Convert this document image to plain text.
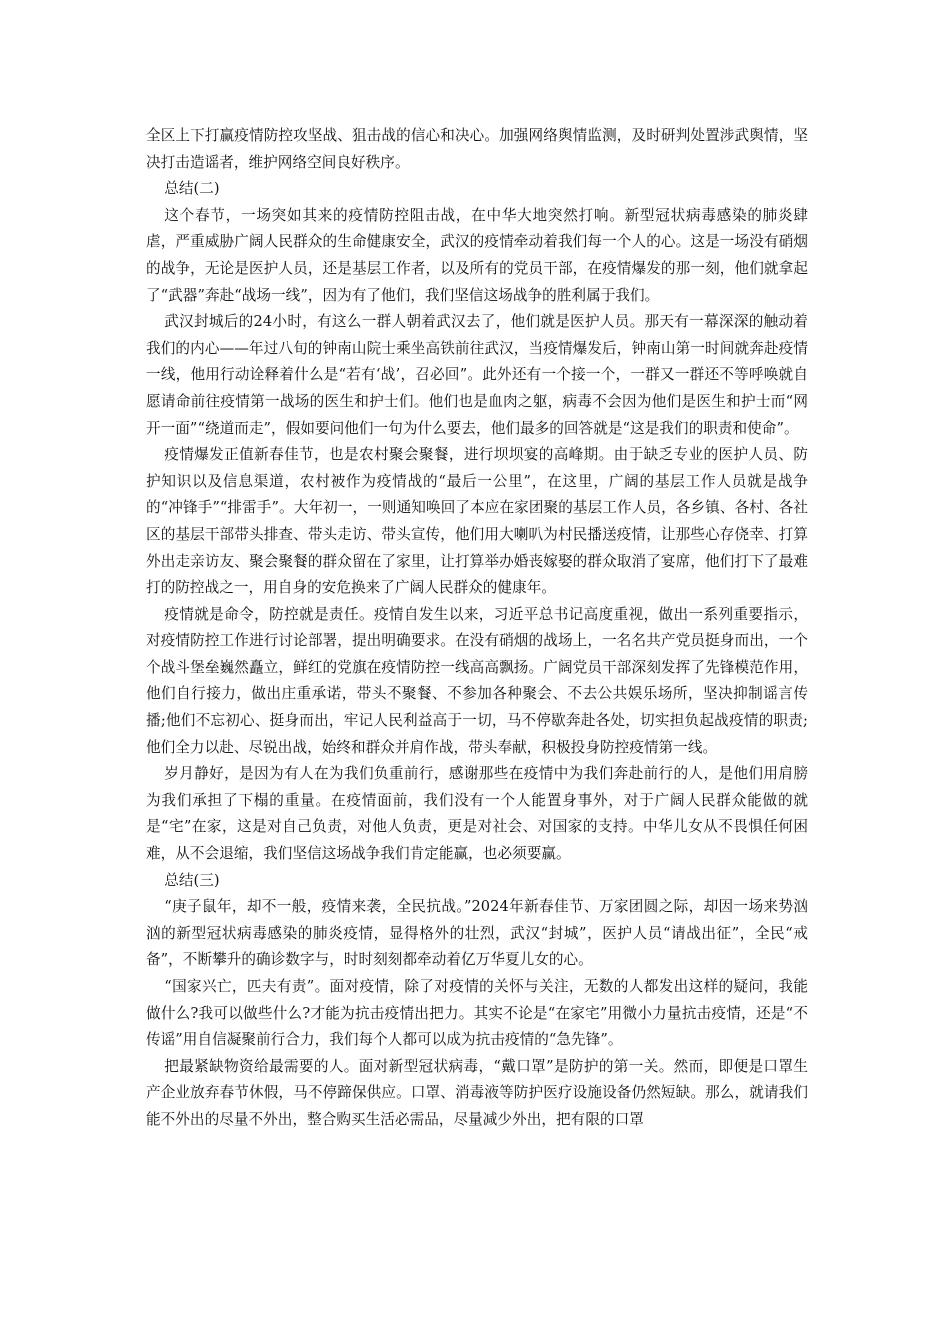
全区上下打赢疫情防控攻坚战、狙击战的信心和决心。加强网络舆情监测，及时研判处置涉武舆情，坚决打击造谣者，维护网络空间良好秩序。

总结(二)

这个春节，一场突如其来的疫情防控阻击战，在中华大地突然打响。新型冠状病毒感染的肺炎肆虐，严重威胁广阔人民群众的生命健康安全，武汉的疫情牵动着我们每一个人的心。这是一场没有硝烟的战争，无论是医护人员，还是基层工作者，以及所有的党员干部，在疫情爆发的那一刻，他们就拿起了“武器”奔赴“战场一线”，因为有了他们，我们坚信这场战争的胜利属于我们。

武汉封城后的24小时，有这么一群人朝着武汉去了，他们就是医护人员。那天有一幕深深的触动着我们的内心——年过八旬的钟南山院士乘坐高铁前往武汉，当疫情爆发后，钟南山第一时间就奔赴疫情一线，他用行动诠释着什么是“若有‘战’，召必回”。此外还有一个接一个，一群又一群还不等呼唤就自愿请命前往疫情第一战场的医生和护士们。他们也是血肉之躯，病毒不会因为他们是医生和护士而“网开一面”“绕道而走”，假如要问他们一句为什么要去，他们最多的回答就是“这是我们的职责和使命”。

疫情爆发正值新春佳节，也是农村聚会聚餐，进行坝坝宴的高峰期。由于缺乏专业的医护人员、防护知识以及信息渠道，农村被作为疫情战的“最后一公里”，在这里，广阔的基层工作人员就是战争的“冲锋手”“排雷手”。大年初一，一则通知唤回了本应在家团聚的基层工作人员，各乡镇、各村、各社区的基层干部带头排查、带头走访、带头宣传，他们用大喇叭为村民播送疫情，让那些心存侥幸、打算外出走亲访友、聚会聚餐的群众留在了家里，让打算举办婚丧嫁娶的群众取消了宴席，他们打下了最难打的防控战之一，用自身的安危换来了广阔人民群众的健康年。

疫情就是命令，防控就是责任。疫情自发生以来，习近平总书记高度重视，做出一系列重要指示，对疫情防控工作进行讨论部署，提出明确要求。在没有硝烟的战场上，一名名共产党员挺身而出，一个个战斗堡垒巍然矗立，鲜红的党旗在疫情防控一线高高飘扬。广阔党员干部深刻发挥了先锋模范作用，他们自行接力，做出庄重承诺，带头不聚餐、不参加各种聚会、不去公共娱乐场所，坚决抑制谣言传播;他们不忘初心、挺身而出，牢记人民利益高于一切，马不停歇奔赴各处，切实担负起战疫情的职责;他们全力以赴、尽锐出战，始终和群众并肩作战，带头奉献，积极投身防控疫情第一线。

岁月静好，是因为有人在为我们负重前行，感谢那些在疫情中为我们奔赴前行的人，是他们用肩膀为我们承担了下榻的重量。在疫情面前，我们没有一个人能置身事外，对于广阔人民群众能做的就是“宅”在家，这是对自己负责，对他人负责，更是对社会、对国家的支持。中华儿女从不畏惧任何困难，从不会退缩，我们坚信这场战争我们肯定能赢，也必须要赢。

总结(三)

“庚子鼠年，却不一般，疫情来袭，全民抗战。”2024年新春佳节、万家团圆之际，却因一场来势汹汹的新型冠状病毒感染的肺炎疫情，显得格外的壮烈，武汉“封城”，医护人员“请战出征”，全民“戒备”，不断攀升的确诊数字与，时时刻刻都牵动着亿万华夏儿女的心。

“国家兴亡，匹夫有责”。面对疫情，除了对疫情的关怀与关注，无数的人都发出这样的疑问，我能做什么?我可以做些什么?才能为抗击疫情出把力。其实不论是“在家宅”用微小力量抗击疫情，还是“不传谣”用自信凝聚前行合力，我们每个人都可以成为抗击疫情的“急先锋”。

把最紧缺物资给最需要的人。面对新型冠状病毒，“戴口罩”是防护的第一关。然而，即便是口罩生产企业放弃春节休假，马不停蹄保供应。口罩、消毒液等防护医疗设施设备仍然短缺。那么，就请我们能不外出的尽量不外出，整合购买生活必需品，尽量减少外出，把有限的口罩
